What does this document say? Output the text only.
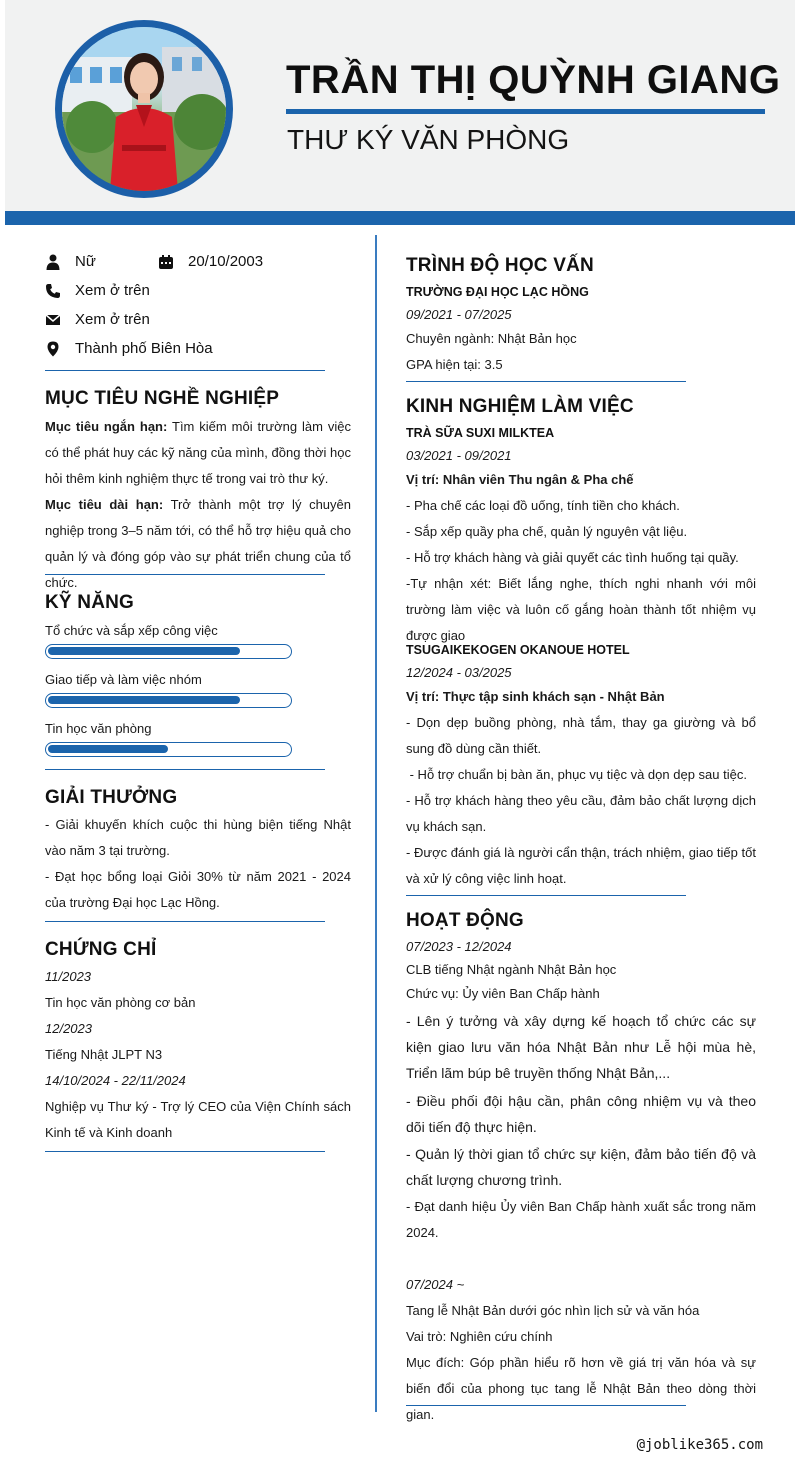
TRẦN THỊ QUỲNH GIANG
THƯ KÝ VĂN PHÒNG
Nữ	20/10/2003
Xem ở trên
Xem ở trên
Thành phố Biên Hòa
MỤC TIÊU NGHỀ NGHIỆP
Mục tiêu ngắn hạn: Tìm kiếm môi trường làm việc có thể phát huy các kỹ năng của mình, đồng thời học hỏi thêm kinh nghiệm thực tế trong vai trò thư ký.
Mục tiêu dài hạn: Trở thành một trợ lý chuyên nghiệp trong 3–5 năm tới, có thể hỗ trợ hiệu quả cho quản lý và đóng góp vào sự phát triển chung của tổ chức.
KỸ NĂNG
Tổ chức và sắp xếp công việc
Giao tiếp và làm việc nhóm
Tin học văn phòng
GIẢI THƯỞNG
- Giải khuyến khích cuộc thi hùng biện tiếng Nhật vào năm 3 tại trường.
- Đạt học bổng loại Giỏi 30% từ năm 2021 - 2024 của trường Đại học Lạc Hồng.
CHỨNG CHỈ
11/2023
Tin học văn phòng cơ bản
12/2023
Tiếng Nhật JLPT N3
14/10/2024 - 22/11/2024
Nghiệp vụ Thư ký - Trợ lý CEO của Viện Chính sách Kinh tế và Kinh doanh
TRÌNH ĐỘ HỌC VẤN
TRƯỜNG ĐẠI HỌC LẠC HỒNG
09/2021 - 07/2025
Chuyên ngành: Nhật Bản học
GPA hiện tại: 3.5
KINH NGHIỆM LÀM VIỆC
TRÀ SỮA SUXI MILKTEA
03/2021 - 09/2021
Vị trí: Nhân viên Thu ngân & Pha chế
- Pha chế các loại đồ uống, tính tiền cho khách.
- Sắp xếp quầy pha chế, quản lý nguyên vật liệu.
- Hỗ trợ khách hàng và giải quyết các tình huống tại quầy.
-Tự nhận xét: Biết lắng nghe, thích nghi nhanh với môi trường làm việc và luôn cố gắng hoàn thành tốt nhiệm vụ được giao
TSUGAIKEKOGEN OKANOUE HOTEL
12/2024 - 03/2025
Vị trí: Thực tập sinh khách sạn - Nhật Bản
- Dọn dẹp buồng phòng, nhà tắm, thay ga giường và bổ sung đồ dùng cần thiết.
- Hỗ trợ chuẩn bị bàn ăn, phục vụ tiệc và dọn dẹp sau tiệc.
- Hỗ trợ khách hàng theo yêu cầu, đảm bảo chất lượng dịch vụ khách sạn.
- Được đánh giá là người cẩn thận, trách nhiệm, giao tiếp tốt và xử lý công việc linh hoạt.
HOẠT ĐỘNG
07/2023 - 12/2024
CLB tiếng Nhật ngành Nhật Bản học
Chức vụ: Ủy viên Ban Chấp hành
- Lên ý tưởng và xây dựng kế hoạch tổ chức các sự kiện giao lưu văn hóa Nhật Bản như Lễ hội mùa hè, Triển lãm búp bê truyền thống Nhật Bản,...
- Điều phối đội hậu cần, phân công nhiệm vụ và theo dõi tiến độ thực hiện.
- Quản lý thời gian tổ chức sự kiện, đảm bảo tiến độ và chất lượng chương trình.
- Đạt danh hiệu Ủy viên Ban Chấp hành xuất sắc trong năm 2024.
07/2024 ~
Tang lễ Nhật Bản dưới góc nhìn lịch sử và văn hóa
Vai trò: Nghiên cứu chính
Mục đích: Góp phần hiểu rõ hơn về giá trị văn hóa và sự biến đổi của phong tục tang lễ Nhật Bản theo dòng thời gian.
@joblike365.com
